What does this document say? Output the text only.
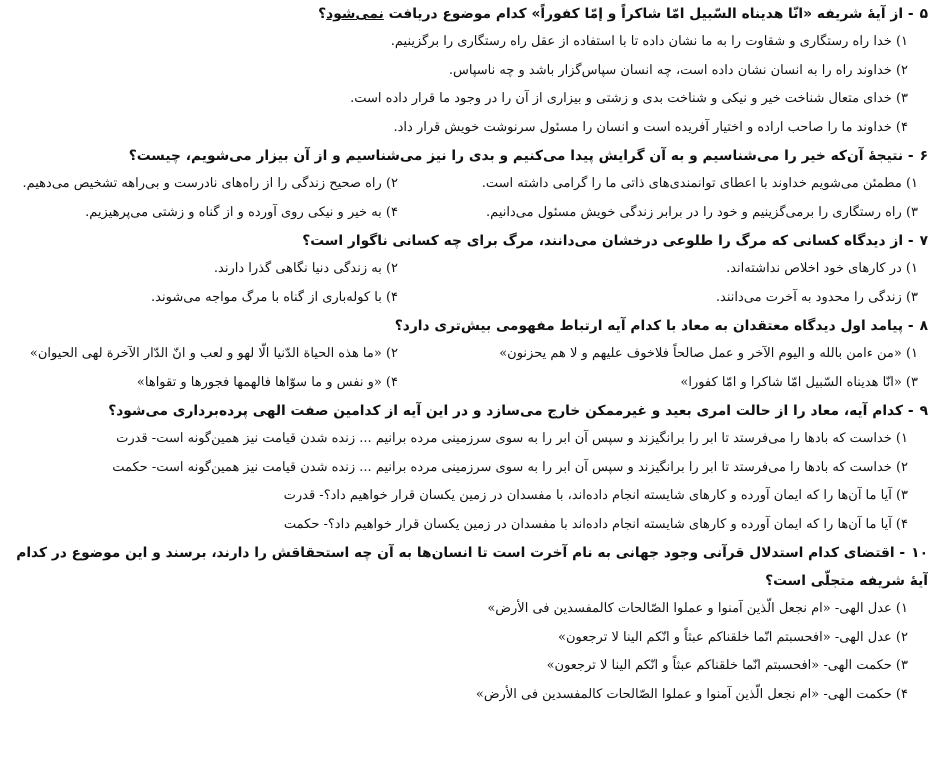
۵- از آیهٔ شریفه «انّا هدیناه السّبیل امّا شاکراً و إمّا کفوراً» کدام موضوع دریافت نمی‌شود؟
۱) خدا راه رستگاری و شقاوت را به ما نشان داده تا با استفاده از عقل راه رستگاری را برگزینیم.
۲) خداوند راه را به انسان نشان داده است، چه انسان سپاس‌گزار باشد و چه ناسپاس.
۳) خدای متعال شناخت خیر و نیکی و شناخت بدی و زشتی و بیزاری از آن را در وجود ما قرار داده است.
۴) خداوند ما را صاحب اراده و اختیار آفریده است و انسان را مسئول سرنوشت خویش قرار داد.
۶- نتیجهٔ آن‌که خیر را می‌شناسیم و به آن گرایش پیدا می‌کنیم و بدی را نیز می‌شناسیم و از آن بیزار می‌شویم، چیست؟
۱) مطمئن می‌شویم خداوند با اعطای توانمندی‌های ذاتی ما را گرامی داشته است.
۲) راه صحیح زندگی را از راه‌های نادرست و بی‌راهه تشخیص می‌دهیم.
۳) راه رستگاری را برمی‌گزینیم و خود را در برابر زندگی خویش مسئول می‌دانیم.
۴) به خیر و نیکی روی آورده و از گناه و زشتی می‌پرهیزیم.
۷- از دیدگاه کسانی که مرگ را طلوعی درخشان می‌دانند، مرگ برای چه کسانی ناگوار است؟
۱) در کارهای خود اخلاص نداشته‌اند.
۲) به زندگی دنیا نگاهی گذرا دارند.
۳) زندگی را محدود به آخرت می‌دانند.
۴) با کوله‌باری از گناه با مرگ مواجه می‌شوند.
۸- پیامد اول دیدگاه معتقدان به معاد با کدام آیه ارتباط مفهومی بیش‌تری دارد؟
۱) «من ءامن بالله و الیوم الآخر و عمل صالحاً فلاخوف علیهم و لا هم یحزنون»
۲) «ما هذه الحیاة الدّنیا الّا لهو و لعب و انّ الدّار الآخرة لهی الحیوان»
۳) «انّا هدیناه السّبیل امّا شاکرا و امّا کفورا»
۴) «و نفس و ما سوّاها فالهمها فجورها و تقواها»
۹- کدام آیه، معاد را از حالت امری بعید و غیرممکن خارج می‌سازد و در این آیه از کدامین صفت الهی پرده‌برداری می‌شود؟
۱) خداست که بادها را می‌فرستد تا ابر را برانگیزند و سپس آن ابر را به سوی سرزمینی مرده برانیم ... زنده شدن قیامت نیز همین‌گونه است- قدرت
۲) خداست که بادها را می‌فرستد تا ابر را برانگیزند و سپس آن ابر را به سوی سرزمینی مرده برانیم ... زنده شدن قیامت نیز همین‌گونه است- حکمت
۳) آیا ما آن‌ها را که ایمان آورده و کارهای شایسته انجام داده‌اند، با مفسدان در زمین یکسان قرار خواهیم داد؟- قدرت
۴) آیا ما آن‌ها را که ایمان آورده و کارهای شایسته انجام داده‌اند با مفسدان در زمین یکسان قرار خواهیم داد؟- حکمت
۱۰- اقتضای کدام استدلال قرآنی وجود جهانی به نام آخرت است تا انسان‌ها به آن چه استحقاقش را دارند، برسند و این موضوع در کدام آیهٔ شریفه متجلّی است؟
۱) عدل الهی- «ام نجعل الّذین آمنوا و عملوا الصّالحات کالمفسدین فی الأرض»
۲) عدل الهی- «افحسبتم انّما خلقناکم عبثاً و انّکم الینا لا ترجعون»
۳) حکمت الهی- «افحسبتم انّما خلقناکم عبثاً و انّکم الینا لا ترجعون»
۴) حکمت الهی- «ام نجعل الّذین آمنوا و عملوا الصّالحات کالمفسدین فی الأرض»
